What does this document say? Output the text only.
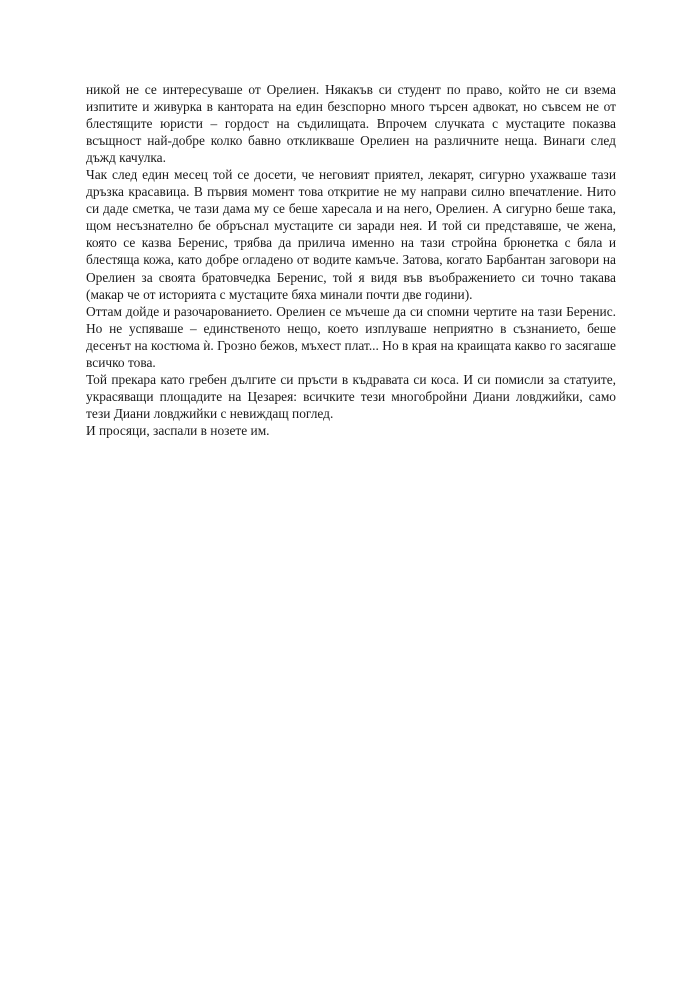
никой не се интересуваше от Орелиен. Някакъв си студент по право, който не си взема изпитите и живурка в кантората на един безспорно много търсен адвокат, но съвсем не от блестящите юристи – гордост на съдилищата. Впрочем случката с мустаците показва всъщност най-добре колко бавно откликваше Орелиен на различните неща. Винаги след дъжд качулка.

Чак след един месец той се досети, че неговият приятел, лекарят, сигурно ухажваше тази дръзка красавица. В първия момент това откритие не му направи силно впечатление. Нито си даде сметка, че тази дама му се беше харесала и на него, Орелиен. А сигурно беше така, щом несъзнателно бе обръснал мустаците си заради нея. И той си представяше, че жена, която се казва Беренис, трябва да прилича именно на тази стройна брюнетка с бяла и блестяща кожа, като добре огладено от водите камъче. Затова, когато Барбантан заговори на Орелиен за своята братовчедка Беренис, той я видя във въображението си точно такава (макар че от историята с мустаците бяха минали почти две години).

Оттам дойде и разочарованието. Орелиен се мъчеше да си спомни чертите на тази Беренис. Но не успяваше – единственото нещо, което изплуваше неприятно в съзнанието, беше десенът на костюма ѝ. Грозно бежов, мъхест плат... Но в края на краищата какво го засягаше всичко това.

Той прекара като гребен дългите си пръсти в къдравата си коса. И си помисли за статуите, украсяващи площадите на Цезарея: всичките тези многобройни Диани ловджийки, само тези Диани ловджийки с невиждащ поглед.

И просяци, заспали в нозете им.
